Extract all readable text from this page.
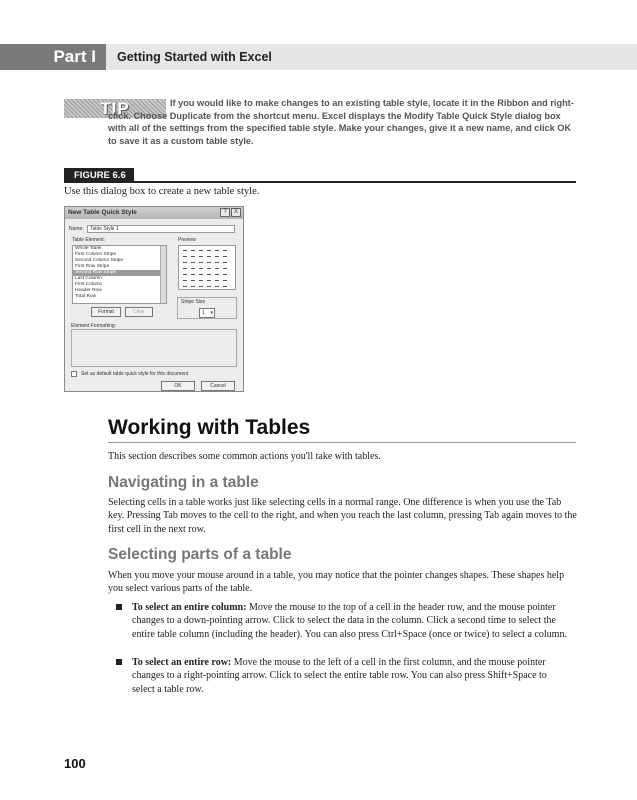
Part I	Getting Started with Excel
TIP	If you would like to make changes to an existing table style, locate it in the Ribbon and right-click. Choose Duplicate from the shortcut menu. Excel displays the Modify Table Quick Style dialog box with all of the settings from the specified table style. Make your changes, give it a new name, and click OK to save it as a custom table style.
FIGURE 6.6
Use this dialog box to create a new table style.
New Table Quick Style	?	X
Name:	Table Style 1
Table Element:	Preview
Whole Table
First Column Stripe
Second Column Stripe
First Row Stripe
Second Row Stripe
Last Column
First Column
Header Row
Total Row
Stripe Size
1 ▾
Format	Clear
Element Formatting:
Set as default table quick style for this document
OK	Cancel
Working with Tables
This section describes some common actions you'll take with tables.
Navigating in a table
Selecting cells in a table works just like selecting cells in a normal range. One difference is when you use the Tab key. Pressing Tab moves to the cell to the right, and when you reach the last column, pressing Tab again moves to the first cell in the next row.
Selecting parts of a table
When you move your mouse around in a table, you may notice that the pointer changes shapes. These shapes help you select various parts of the table.
To select an entire column: Move the mouse to the top of a cell in the header row, and the mouse pointer changes to a down-pointing arrow. Click to select the data in the column. Click a second time to select the entire table column (including the header). You can also press Ctrl+Space (once or twice) to select a column.
To select an entire row: Move the mouse to the left of a cell in the first column, and the mouse pointer changes to a right-pointing arrow. Click to select the entire table row. You can also press Shift+Space to select a table row.
100
